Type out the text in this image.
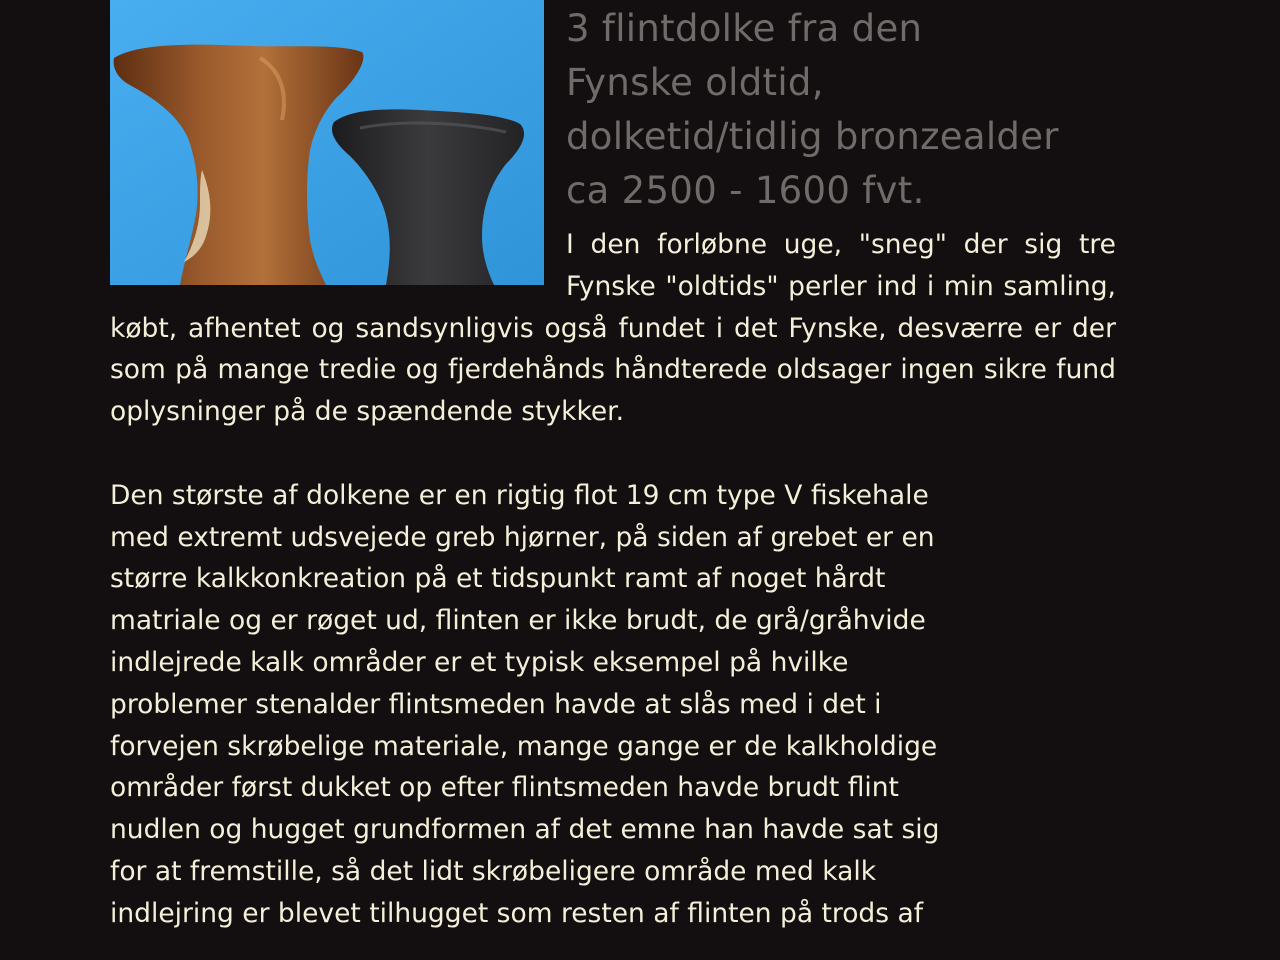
3 flintdolke fra den
Fynske oldtid,
dolketid/tidlig bronzealder
ca 2500 - 1600 fvt.

I den forløbne uge, "sneg" der sig tre Fynske "oldtids" perler ind i min samling, købt, afhentet og sandsynligvis også fundet i det Fynske, desværre er der som på mange tredie og fjerdehånds håndterede oldsager ingen sikre fund oplysninger på de spændende stykker.

Den største af dolkene er en rigtig flot 19 cm type V fiskehale
med extremt udsvejede greb hjørner, på siden af grebet er en
større kalkkonkreation på et tidspunkt ramt af noget hårdt
matriale og er røget ud, flinten er ikke brudt, de grå/gråhvide
indlejrede kalk områder er et typisk eksempel på hvilke
problemer stenalder flintsmeden havde at slås med i det i
forvejen skrøbelige materiale, mange gange er de kalkholdige
områder først dukket op efter flintsmeden havde brudt flint
nudlen og hugget grundformen af det emne han havde sat sig
for at fremstille, så det lidt skrøbeligere område med kalk
indlejring er blevet tilhugget som resten af flinten på trods af
